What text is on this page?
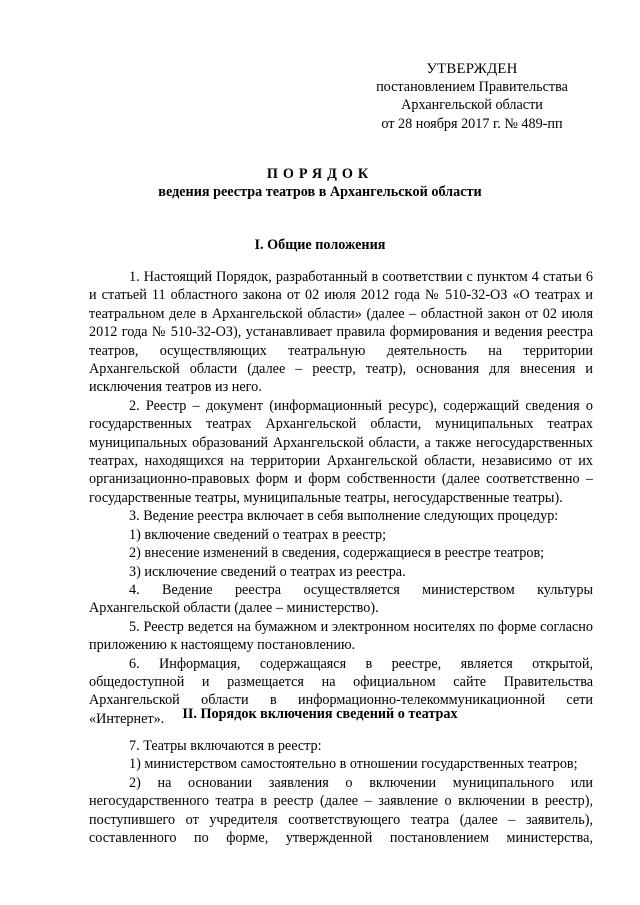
УТВЕРЖДЕН
постановлением Правительства
Архангельской области
от 28 ноября 2017 г. № 489-пп
ПОРЯДОК
ведения реестра театров в Архангельской области
I. Общие положения

1. Настоящий Порядок, разработанный в соответствии с пунктом 4 статьи 6 и статьей 11 областного закона от 02 июля 2012 года № 510-32-ОЗ «О театрах и театральном деле в Архангельской области» (далее – областной закон от 02 июля 2012 года № 510-32-ОЗ), устанавливает правила формирования и ведения реестра театров, осуществляющих театральную деятельность на территории Архангельской области (далее – реестр, театр), основания для внесения и исключения театров из него.

2. Реестр – документ (информационный ресурс), содержащий сведения о государственных театрах Архангельской области, муниципальных театрах муниципальных образований Архангельской области, а также негосударственных театрах, находящихся на территории Архангельской области, независимо от их организационно-правовых форм и форм собственности (далее соответственно – государственные театры, муниципальные театры, негосударственные театры).

3. Ведение реестра включает в себя выполнение следующих процедур:

1) включение сведений о театрах в реестр;

2) внесение изменений в сведения, содержащиеся в реестре театров;

3) исключение сведений о театрах из реестра.

4. Ведение реестра осуществляется министерством культуры Архангельской области (далее – министерство).

5. Реестр ведется на бумажном и электронном носителях по форме согласно приложению к настоящему постановлению.

6. Информация, содержащаяся в реестре, является открытой, общедоступной и размещается на официальном сайте Правительства Архангельской области в информационно-телекоммуникационной сети «Интернет».	II. Порядок включения сведений о театрах

7. Театры включаются в реестр:

1) министерством самостоятельно в отношении государственных театров;

2) на основании заявления о включении муниципального или негосударственного театра в реестр (далее – заявление о включении в реестр), поступившего от учредителя соответствующего театра (далее – заявитель), составленного по форме, утвержденной постановлением министерства,
